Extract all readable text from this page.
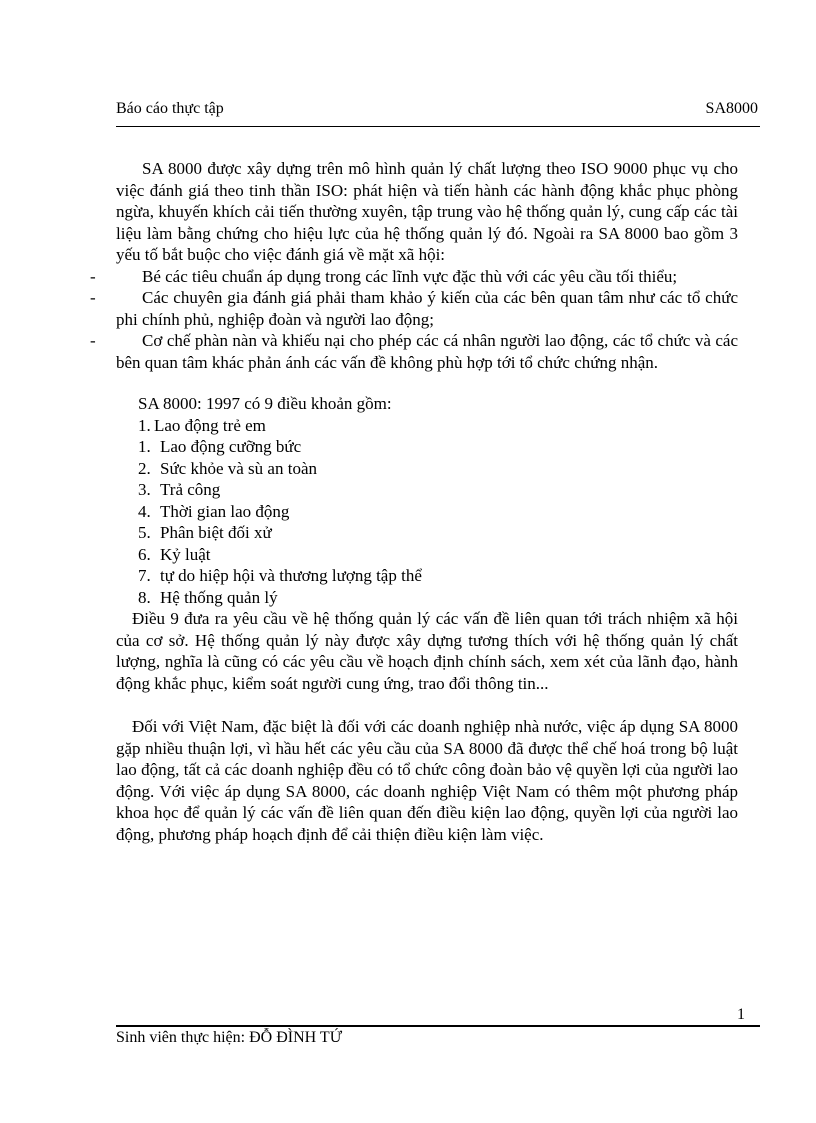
Báo cáo thực tập	SA8000

SA 8000 được xây dựng trên mô hình quản lý chất lượng theo ISO 9000 phục vụ cho việc đánh giá theo tinh thần ISO: phát hiện và tiến hành các hành động khắc phục phòng ngừa, khuyến khích cải tiến thường xuyên, tập trung vào hệ thống quản lý, cung cấp các tài liệu làm bằng chứng cho hiệu lực của hệ thống quản lý đó. Ngoài ra SA 8000 bao gồm 3 yếu tố bắt buộc cho việc đánh giá về mặt xã hội:

-	Bé các tiêu chuẩn áp dụng trong các lĩnh vực đặc thù với các yêu cầu tối thiểu;

-	Các chuyên gia đánh giá phải tham khảo ý kiến của các bên quan tâm như các tổ chức phi chính phủ, nghiệp đoàn và người lao động;

-	Cơ chế phàn nàn và khiếu nại cho phép các cá nhân người lao động, các tổ chức và các bên quan tâm khác phản ánh các vấn đề không phù hợp tới tổ chức chứng nhận.

SA 8000: 1997 có 9 điều khoản gồm:

1. Lao động trẻ em

1. Lao động cưỡng bức

2. Sức khỏe và sù an toàn

3. Trả công

4. Thời gian lao động

5. Phân biệt đối xử

6. Kỷ luật

7. tự do hiệp hội và thương lượng tập thể

8. Hệ thống quản lý

Điều 9 đưa ra yêu cầu về hệ thống quản lý các vấn đề liên quan tới trách nhiệm xã hội của cơ sở. Hệ thống quản lý này được xây dựng tương thích với hệ thống quản lý chất lượng, nghĩa là cũng có các yêu cầu về hoạch định chính sách, xem xét của lãnh đạo, hành động khắc phục, kiểm soát người cung ứng, trao đổi thông tin...

Đối với Việt Nam, đặc biệt là đối với các doanh nghiệp nhà nước, việc áp dụng SA 8000 gặp nhiều thuận lợi, vì hầu hết các yêu cầu của SA 8000 đã được thể chế hoá trong bộ luật lao động, tất cả các doanh nghiệp đều có tổ chức công đoàn bảo vệ quyền lợi của người lao động. Với việc áp dụng SA 8000, các doanh nghiệp Việt Nam có thêm một phương pháp khoa học để quản lý các vấn đề liên quan đến điều kiện lao động, quyền lợi của người lao động, phương pháp hoạch định để cải thiện điều kiện làm việc.

1
Sinh viên thực hiện: ĐỖ ĐÌNH TỨ
